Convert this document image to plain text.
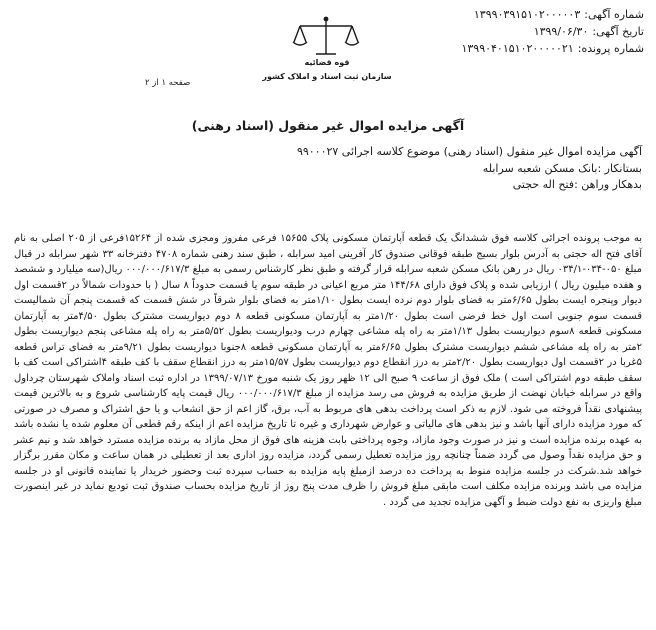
شماره آگهی:
۱۳۹۹۰۳۹۱۵۱۰۲۰۰۰۰۰۳
تاریخ آگهی:
۱۳۹۹/۰۶/۳۰
شماره پرونده:
۱۳۹۹۰۴۰۱۵۱۰۲۰۰۰۰۰۲۱
قوه قضائیه
سازمان ثبت اسناد و املاک کشور
صفحه ۱ از ۲
آگهی مزایده اموال غیر منقول (اسناد رهنی)
آگهی مزایده اموال غیر منقول (اسناد رهنی) موضوع کلاسه اجرائی ۹۹۰۰۰۲۷
بستانکار :بانک مسکن شعبه سرابله
بدهکار وراهن :فتح اله حجتی
به موجب پرونده اجرائی کلاسه فوق ششدانگ یک قطعه آپارتمان مسکونی پلاک ۱۵۶۵۵ فرعی مفروز ومجزی شده از ۱۵۲۶۴فرعی از ۲۰۵ اصلی به نام آقای فتح اله حجتی به آدرس بلوار بسیج طبقه فوقانی صندوق کار آفرینی امید سرابله ، طبق سند رهنی شماره ۴۷۰۸ دفترخانه ۳۳ شهر سرابله در قبال مبلغ ۰۵۰-۰۳۴-۰۳۴/۱ ریال در رهن بانک مسکن شعبه سرابله قرار گرفته و طبق نظر کارشناس رسمی به مبلغ ۰۰۰/۰۰۰/۶۱۷/۳ ریال(سه میلیارد و ششصد و هفده میلیون ریال ) ارزیابی شده و پلاک فوق دارای ۱۴۴/۶۸ متر مربع اعیانی در طبقه سوم یا قسمت حدوداً ۸ سال ( با حدودات شمالاً در ۲قسمت اول دیوار وپنجره ایست بطول ۶/۶۵متر به فضای بلوار دوم نرده ایست بطول ۱/۱۰متر به فضای بلوار شرقاً در شش قسمت که قسمت پنجم آن شمالیست قسمت سوم جنوبی است اول خط فرضی است بطول ۱/۲۰متر به آپارتمان مسکونی قطعه ۸ دوم دیواریست مشترک بطول ۴/۵۰متر به آپارتمان مسکونی قطعه ۸سوم دیواریست بطول ۱/۱۳متر به راه پله مشاعی چهارم درب ودیواریست بطول ۵/۵۲متر به راه پله مشاعی پنجم دیواریست بطول ۲متر به راه پله مشاعی ششم دیواریست مشترک بطول ۶/۶۵متر به آپارتمان مسکونی قطعه ۸جنوبا دیواریست بطول ۹/۲۱متر به فضای تراس قطعه ۵غربا در ۲قسمت اول دیواریست بطول ۲/۲۰متر به درز انقطاع دوم دیواریست بطول ۱۵/۵۷متر به درز انقطاع سقف با کف طبقه ۴اشتراکی است کف با سقف طبقه دوم اشتراکی است ) ملک فوق از ساعت ۹ صبح الی ۱۲ ظهر روز یک شنبه مورخ ۱۳۹۹/۰۷/۱۳ در اداره ثبت اسناد واملاک شهرستان چرداول واقع در سرابله خیابان نهضت از طریق مزایده به فروش می رسد مزایده از مبلغ ۰۰۰/۰۰۰/۶۱۷/۳ ریال قیمت پایه کارشناسی شروع و به بالاترین قیمت پیشنهادی نقداً فروخته می شود. لازم به ذکر است پرداخت بدهی های مربوط به آب، برق، گاز اعم از حق انشعاب و یا حق اشتراک و مصرف در صورتی که مورد مزایده دارای آنها باشد و نیز بدهی های مالیاتی و عوارض شهرداری و غیره تا تاریخ مزایده اعم از اینکه رقم قطعی آن معلوم شده یا نشده باشد به عهده برنده مزایده است و نیز در صورت وجود مازاد، وجوه پرداختی بابت هزینه های فوق از محل مازاد به برنده مزایده مسترد خواهد شد و نیم عشر و حق مزایده نقداً وصول می گردد ضمناً چنانچه روز مزایده تعطیل رسمی گردد، مزایده روز اداری بعد از تعطیلی در همان ساعت و مکان مقرر برگزار خواهد شد.شرکت در جلسه مزایده منوط به پرداخت ده درصد ازمبلغ پایه مزایده به حساب سپرده ثبت وحضور خریدار یا نماینده قانونی او در جلسه مزایده می باشد وبرنده مزایده مکلف است مابقی مبلغ فروش را ظرف مدت پنج روز از تاریخ مزایده بحساب صندوق ثبت تودیع نماید در غیر اینصورت مبلغ واریزی به نفع دولت ضبط و آگهی مزایده تجدید می گردد .
